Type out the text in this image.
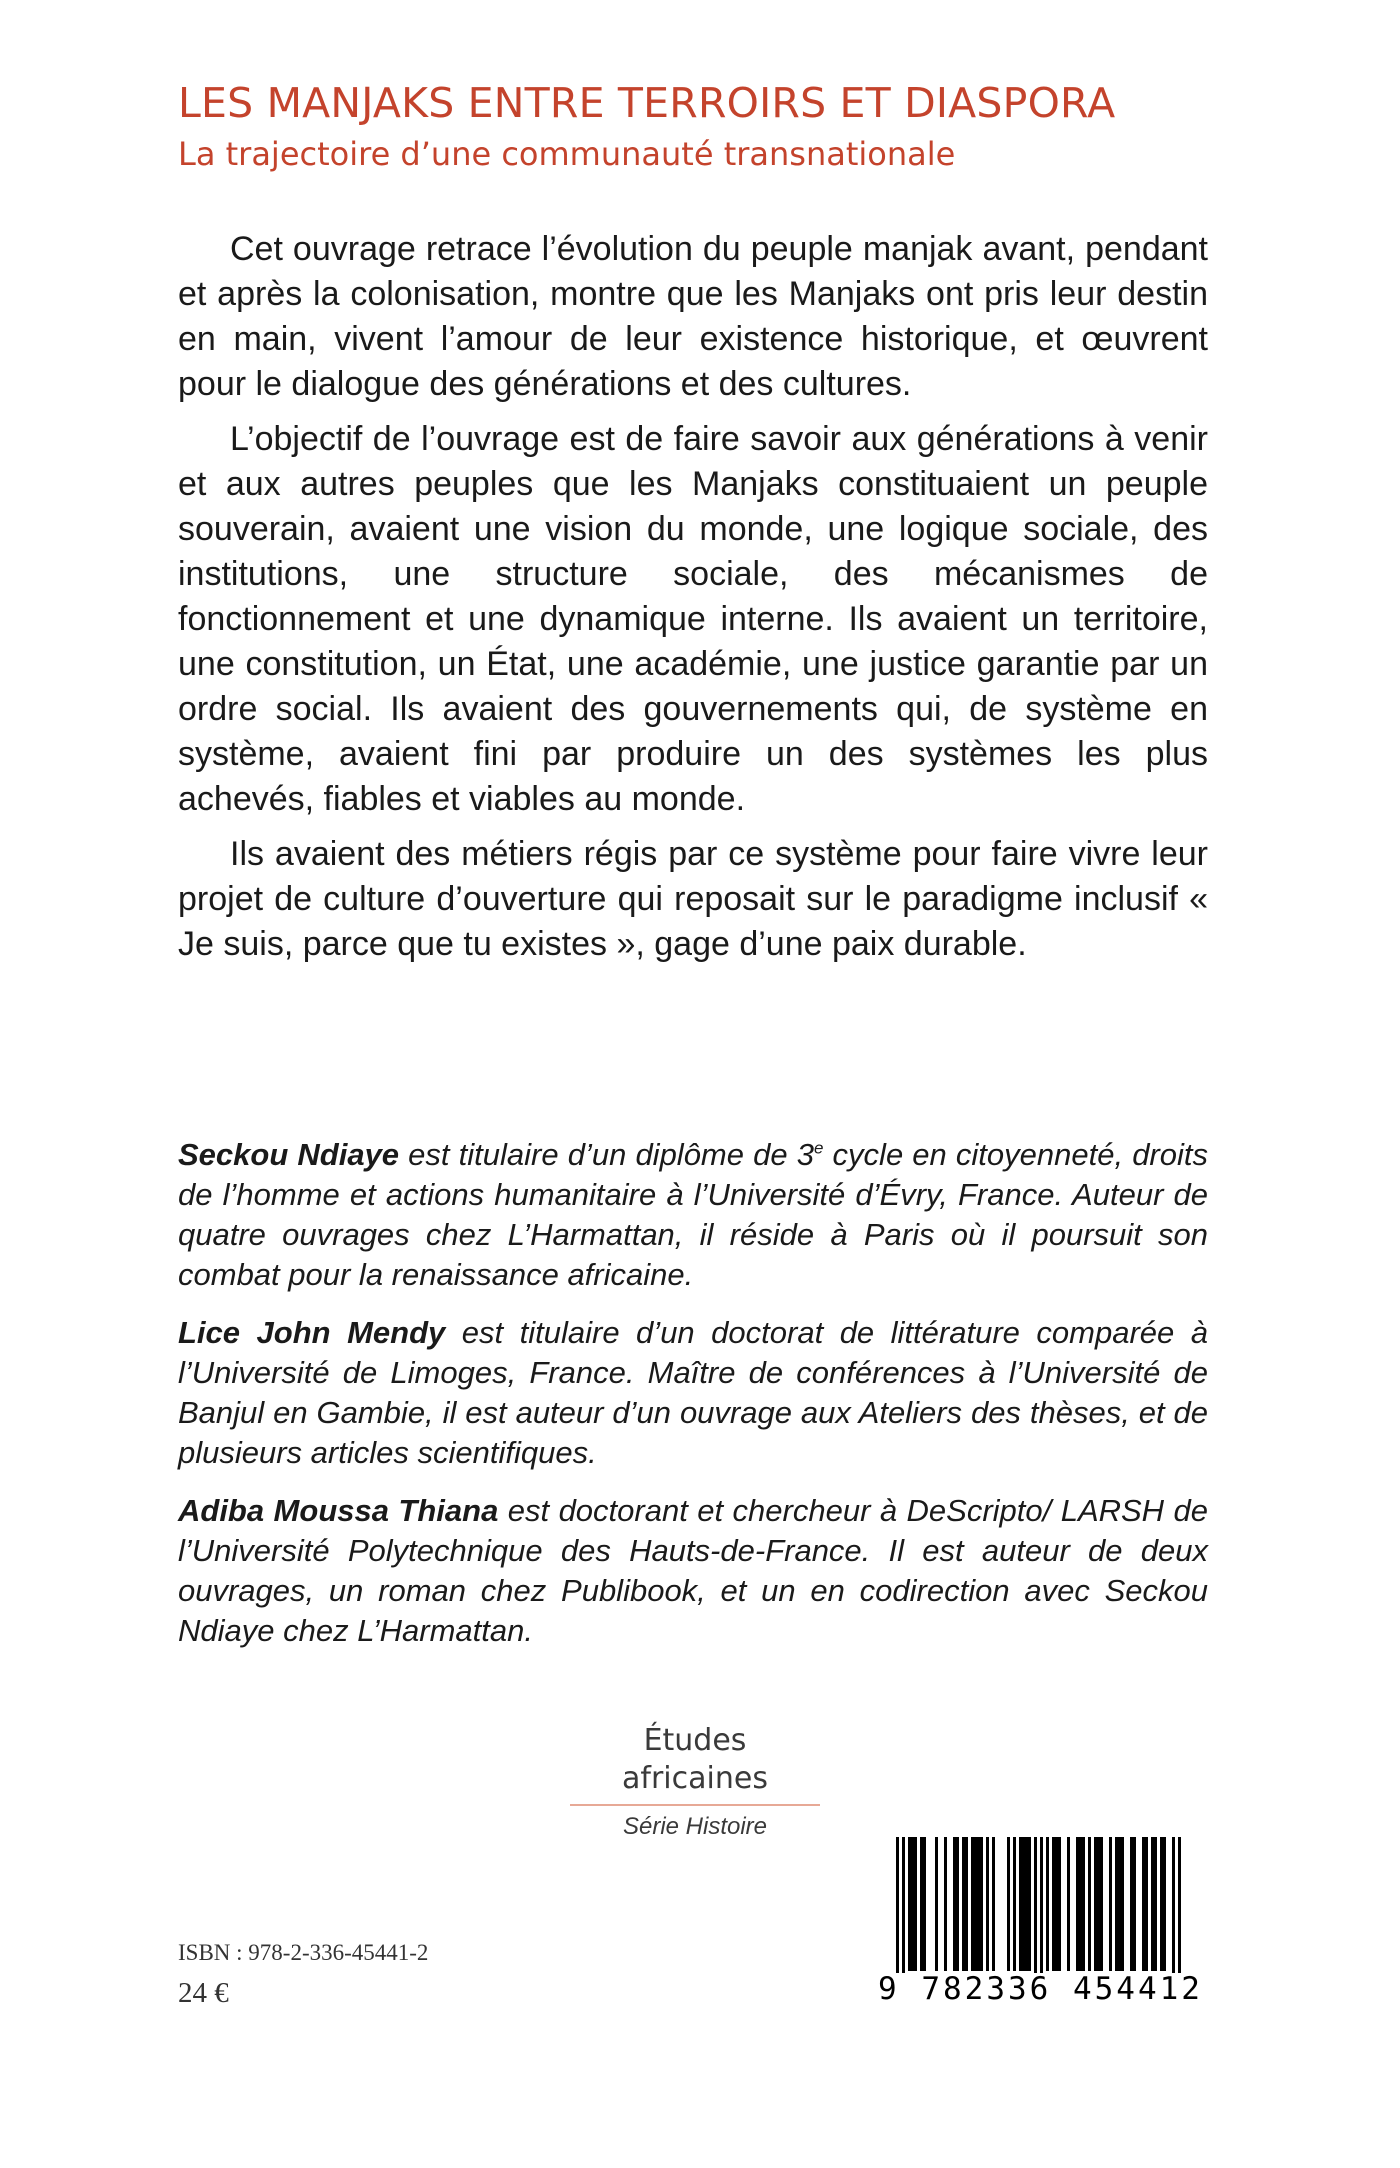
LES MANJAKS ENTRE TERROIRS ET DIASPORA
La trajectoire d’une communauté transnationale

Cet ouvrage retrace l’évolution du peuple manjak avant, pendant et après la colonisation, montre que les Manjaks ont pris leur destin en main, vivent l’amour de leur existence historique, et œuvrent pour le dialogue des générations et des cultures.

L’objectif de l’ouvrage est de faire savoir aux générations à venir et aux autres peuples que les Manjaks constituaient un peuple souverain, avaient une vision du monde, une logique sociale, des institutions, une structure sociale, des mécanismes de fonctionnement et une dynamique interne. Ils avaient un territoire, une constitution, un État, une académie, une justice garantie par un ordre social. Ils avaient des gouvernements qui, de système en système, avaient fini par produire un des systèmes les plus achevés, fiables et viables au monde.

Ils avaient des métiers régis par ce système pour faire vivre leur projet de culture d’ouverture qui reposait sur le paradigme inclusif « Je suis, parce que tu existes », gage d’une paix durable.

Seckou Ndiaye est titulaire d’un diplôme de 3e cycle en citoyenneté, droits de l’homme et actions humanitaire à l’Université d’Évry, France. Auteur de quatre ouvrages chez L’Harmattan, il réside à Paris où il poursuit son combat pour la renaissance africaine.

Lice John Mendy est titulaire d’un doctorat de littérature comparée à l’Université de Limoges, France. Maître de conférences à l’Université de Banjul en Gambie, il est auteur d’un ouvrage aux Ateliers des thèses, et de plusieurs articles scientifiques.

Adiba Moussa Thiana est doctorant et chercheur à DeScripto/ LARSH de l’Université Polytechnique des Hauts-de-France. Il est auteur de deux ouvrages, un roman chez Publibook, et un en codirection avec Seckou Ndiaye chez L’Harmattan.

Études africaines
Série Histoire
ISBN : 978-2-336-45441-2
24 €	9 782336 454412
